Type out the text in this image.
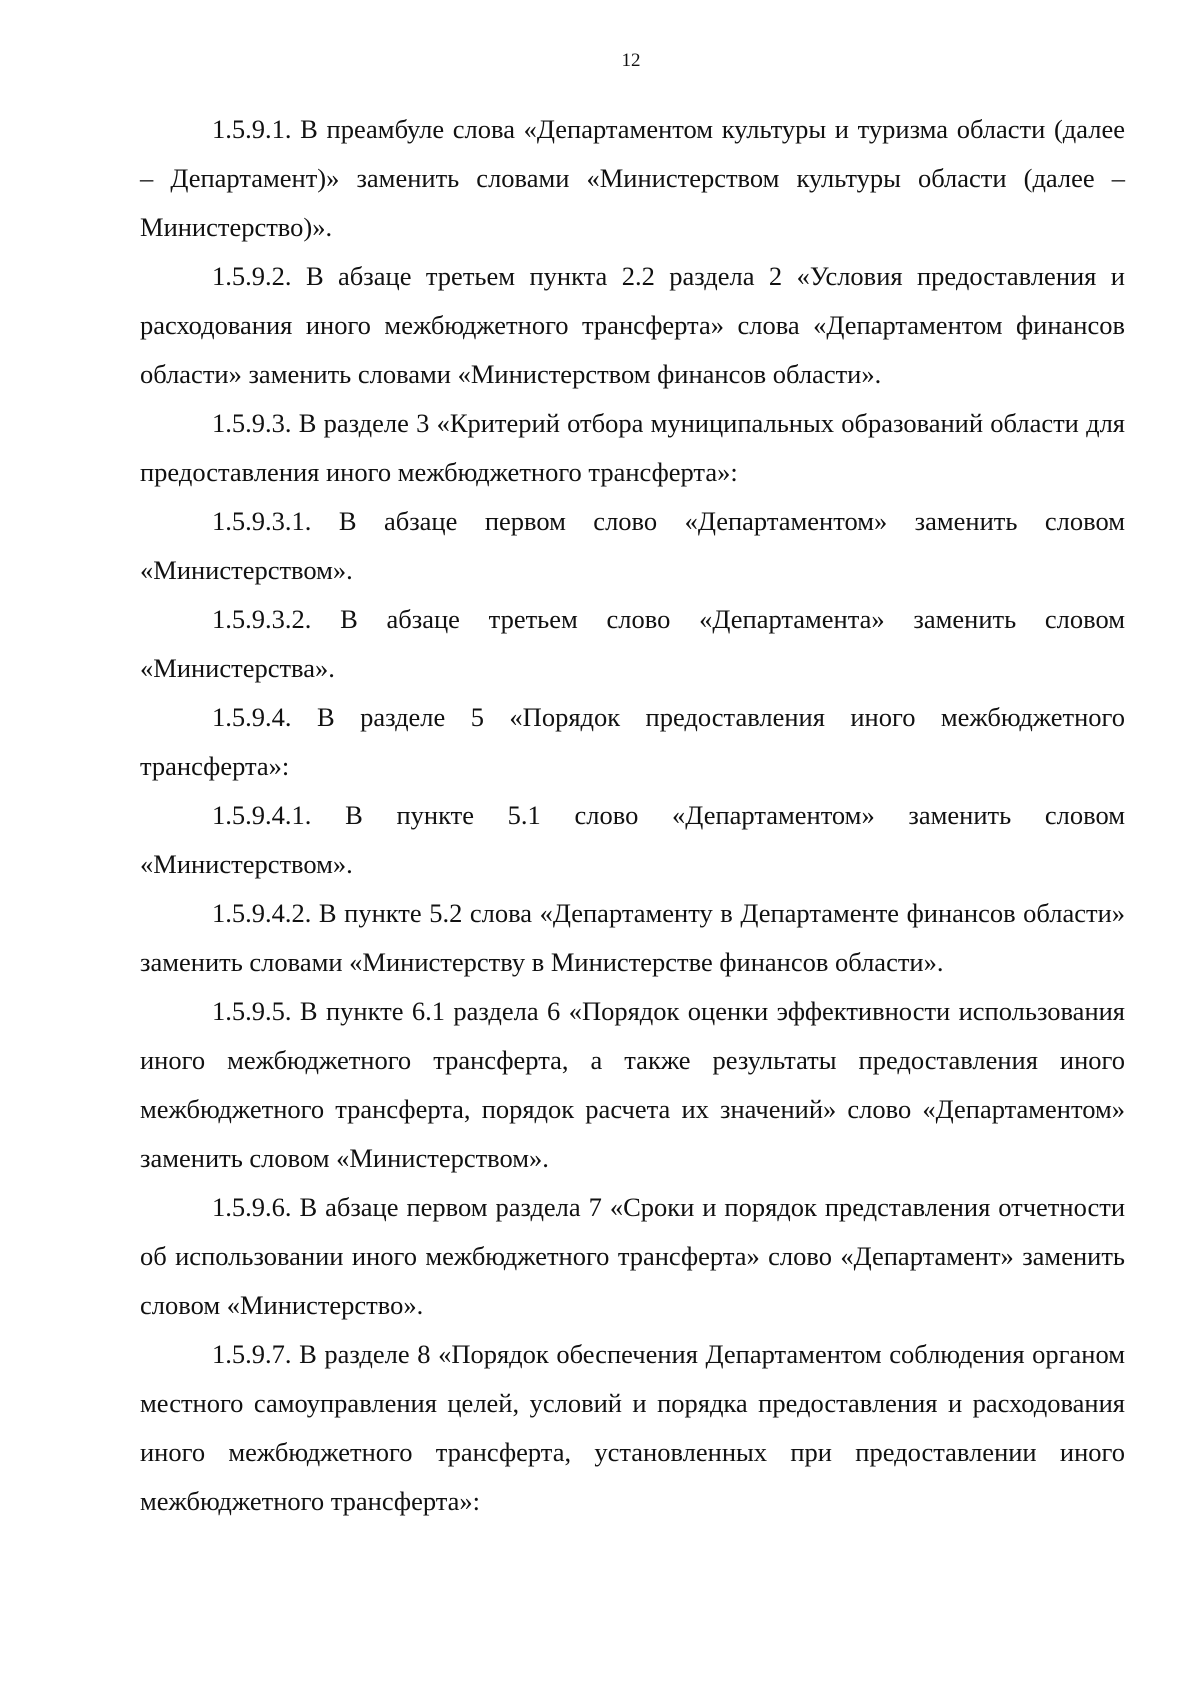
12

1.5.9.1. В преамбуле слова «Департаментом культуры и туризма области (далее – Департамент)» заменить словами «Министерством культуры области (далее – Министерство)».

1.5.9.2. В абзаце третьем пункта 2.2 раздела 2 «Условия предоставления и расходования иного межбюджетного трансферта» слова «Департаментом финансов области» заменить словами «Министерством финансов области».

1.5.9.3. В разделе 3 «Критерий отбора муниципальных образований области для предоставления иного межбюджетного трансферта»:

1.5.9.3.1. В абзаце первом слово «Департаментом» заменить словом «Министерством».

1.5.9.3.2. В абзаце третьем слово «Департамента» заменить словом «Министерства».

1.5.9.4. В разделе 5 «Порядок предоставления иного межбюджетного трансферта»:

1.5.9.4.1. В пункте 5.1 слово «Департаментом» заменить словом «Министерством».

1.5.9.4.2. В пункте 5.2 слова «Департаменту в Департаменте финансов области» заменить словами «Министерству в Министерстве финансов области».

1.5.9.5. В пункте 6.1 раздела 6 «Порядок оценки эффективности использования иного межбюджетного трансферта, а также результаты предоставления иного межбюджетного трансферта, порядок расчета их значений» слово «Департаментом» заменить словом «Министерством».

1.5.9.6. В абзаце первом раздела 7 «Сроки и порядок представления отчетности об использовании иного межбюджетного трансферта» слово «Департамент» заменить словом «Министерство».

1.5.9.7. В разделе 8 «Порядок обеспечения Департаментом соблюдения органом местного самоуправления целей, условий и порядка предоставления и расходования иного межбюджетного трансферта, установленных при предоставлении иного межбюджетного трансферта»:
